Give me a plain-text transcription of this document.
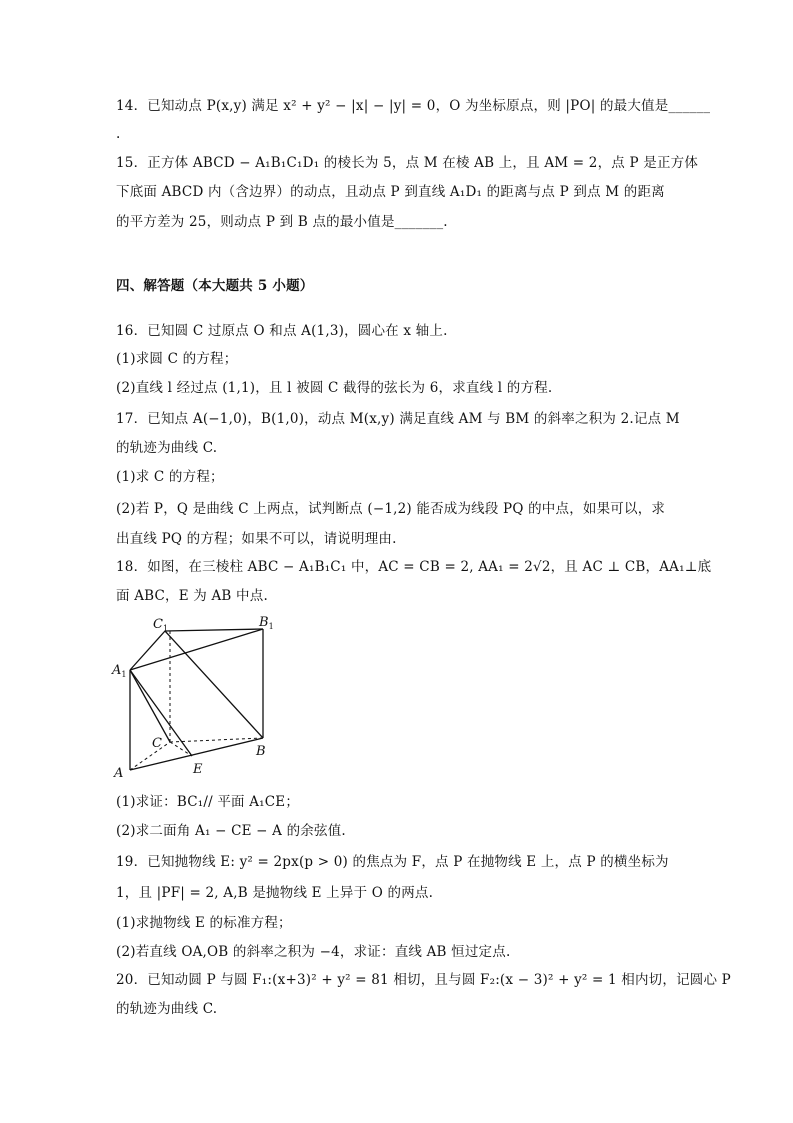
14．已知动点 P(x,y) 满足 x² + y² − |x| − |y| = 0，O 为坐标原点，则 |PO| 的最大值是______
.
15．正方体 ABCD − A₁B₁C₁D₁ 的棱长为 5，点 M 在棱 AB 上，且 AM = 2，点 P 是正方体
下底面 ABCD 内（含边界）的动点，且动点 P 到直线 A₁D₁ 的距离与点 P 到点 M 的距离
的平方差为 25，则动点 P 到 B 点的最小值是_______.
四、解答题（本大题共 5 小题）
16．已知圆 C 过原点 O 和点 A(1,3)，圆心在 x 轴上.
(1)求圆 C 的方程；
(2)直线 l 经过点 (1,1)，且 l 被圆 C 截得的弦长为 6，求直线 l 的方程.
17．已知点 A(−1,0)，B(1,0)，动点 M(x,y) 满足直线 AM 与 BM 的斜率之积为 2.记点 M
的轨迹为曲线 C.
(1)求 C 的方程；
(2)若 P，Q 是曲线 C 上两点，试判断点 (−1,2) 能否成为线段 PQ 的中点，如果可以，求
出直线 PQ 的方程；如果不可以，请说明理由.
18．如图，在三棱柱 ABC − A₁B₁C₁ 中，AC = CB = 2, AA₁ = 2√2，且 AC ⊥ CB，AA₁⊥底
面 ABC，E 为 AB 中点.
$C_1$	$B_1$
$A_1$
C
B
A	E
(1)求证：BC₁// 平面 A₁CE；
(2)求二面角 A₁ − CE − A 的余弦值.
19．已知抛物线 E: y² = 2px(p > 0) 的焦点为 F，点 P 在抛物线 E 上，点 P 的横坐标为
1，且 |PF| = 2, A,B 是抛物线 E 上异于 O 的两点.
(1)求抛物线 E 的标准方程；
(2)若直线 OA,OB 的斜率之积为 −4，求证：直线 AB 恒过定点.
20．已知动圆 P 与圆 F₁:(x+3)² + y² = 81 相切，且与圆 F₂:(x − 3)² + y² = 1 相内切，记圆心 P
的轨迹为曲线 C.
